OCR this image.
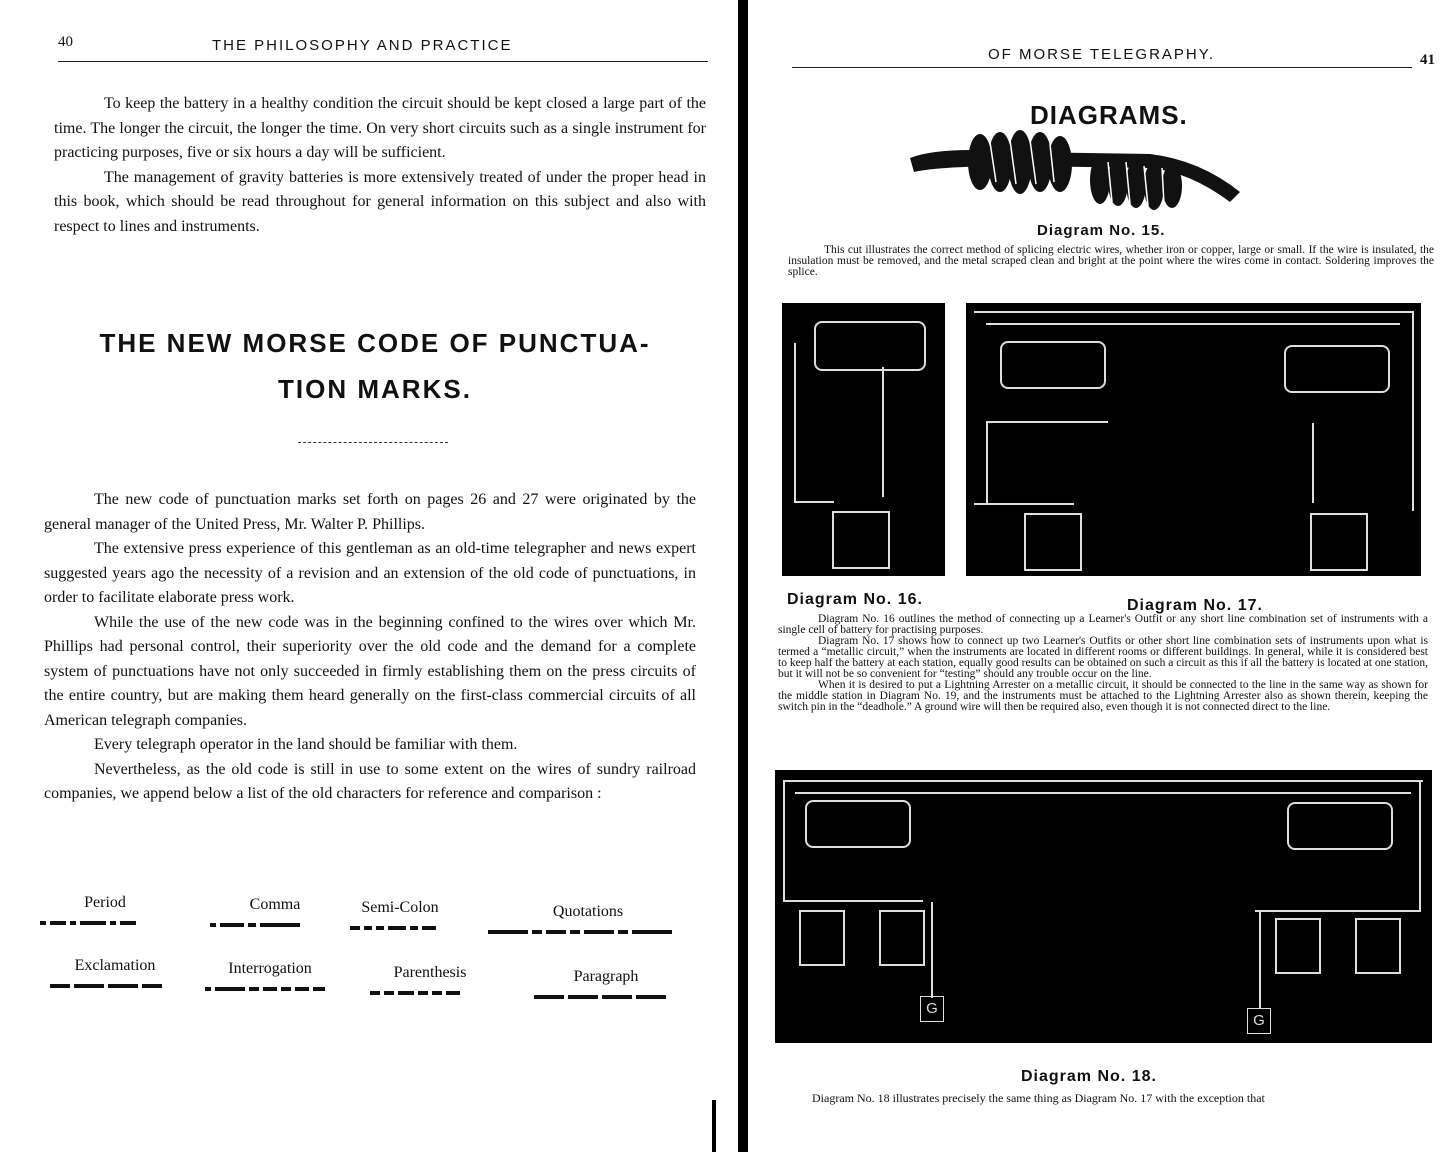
40	THE PHILOSOPHY AND PRACTICE

To keep the battery in a healthy condition the circuit should be kept closed a large part of the time. The longer the circuit, the longer the time. On very short circuits such as a single instrument for practicing purposes, five or six hours a day will be sufficient.

The management of gravity batteries is more extensively treated of under the proper head in this book, which should be read throughout for general information on this subject and also with respect to lines and instruments.

THE NEW MORSE CODE OF PUNCTUA-
TION MARKS.

The new code of punctuation marks set forth on pages 26 and 27 were originated by the general manager of the United Press, Mr. Walter P. Phillips.

The extensive press experience of this gentleman as an old-time telegrapher and news expert suggested years ago the necessity of a revision and an extension of the old code of punctuations, in order to facilitate elaborate press work.

While the use of the new code was in the beginning confined to the wires over which Mr. Phillips had personal control, their superiority over the old code and the demand for a complete system of punctuations have not only succeeded in firmly establishing them on the press circuits of the entire country, but are making them heard generally on the first-class commercial circuits of all American telegraph companies.

Every telegraph operator in the land should be familiar with them.

Nevertheless, as the old code is still in use to some extent on the wires of sundry railroad companies, we append below a list of the old characters for reference and comparison :

Period	Comma	Semi-Colon	Quotations
Exclamation	Interrogation	Parenthesis	Paragraph
OF MORSE TELEGRAPHY.	41
DIAGRAMS.
Diagram No. 15.
This cut illustrates the correct method of splicing electric wires, whether iron or copper, large or small. If the wire is insulated, the insulation must be removed, and the metal scraped clean and bright at the point where the wires come in contact. Soldering improves the splice.
Diagram No. 16.	Diagram No. 17.
Diagram No. 16 outlines the method of connecting up a Learner's Outfit or any short line combination set of instruments with a single cell of battery for practising purposes.
Diagram No. 17 shows how to connect up two Learner's Outfits or other short line combination sets of instruments upon what is termed a “metallic circuit,” when the instruments are located in different rooms or different buildings. In general, while it is considered best to keep half the battery at each station, equally good results can be obtained on such a circuit as this if all the battery is located at one station, but it will not be so convenient for “testing” should any trouble occur on the line.
When it is desired to put a Lightning Arrester on a metallic circuit, it should be connected to the line in the same way as shown for the middle station in Diagram No. 19, and the instruments must be attached to the Lightning Arrester also as shown therein, keeping the switch pin in the “deadhole.” A ground wire will then be required also, even though it is not connected direct to the line.
G
G
Diagram No. 18.
Diagram No. 18 illustrates precisely the same thing as Diagram No. 17 with the exception that
